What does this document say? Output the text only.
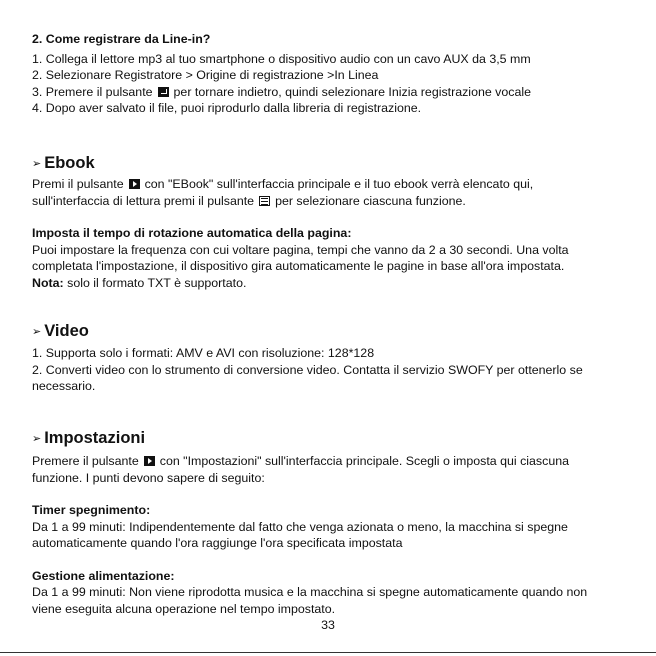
2. Come registrare da Line-in?
1. Collega il lettore mp3 al tuo smartphone o dispositivo audio con un cavo AUX da 3,5 mm
2. Selezionare Registratore > Origine di registrazione >In Linea
3. Premere il pulsante per tornare indietro, quindi selezionare Inizia registrazione vocale
4. Dopo aver salvato il file, puoi riprodurlo dalla libreria di registrazione.
➢ Ebook
Premi il pulsante con "EBook" sull'interfaccia principale e il tuo ebook verrà elencato qui,
sull'interfaccia di lettura premi il pulsante per selezionare ciascuna funzione.
Imposta il tempo di rotazione automatica della pagina:
Puoi impostare la frequenza con cui voltare pagina, tempi che vanno da 2 a 30 secondi. Una volta
completata l'impostazione, il dispositivo gira automaticamente le pagine in base all'ora impostata.
Nota: solo il formato TXT è supportato.
➢ Video
1. Supporta solo i formati: AMV e AVI con risoluzione: 128*128
2. Converti video con lo strumento di conversione video. Contatta il servizio SWOFY per ottenerlo se
necessario.
➢ Impostazioni
Premere il pulsante con "Impostazioni" sull'interfaccia principale. Scegli o imposta qui ciascuna
funzione. I punti devono sapere di seguito:
Timer spegnimento:
Da 1 a 99 minuti: Indipendentemente dal fatto che venga azionata o meno, la macchina si spegne
automaticamente quando l'ora raggiunge l'ora specificata impostata
Gestione alimentazione:
Da 1 a 99 minuti: Non viene riprodotta musica e la macchina si spegne automaticamente quando non
viene eseguita alcuna operazione nel tempo impostato.
33
